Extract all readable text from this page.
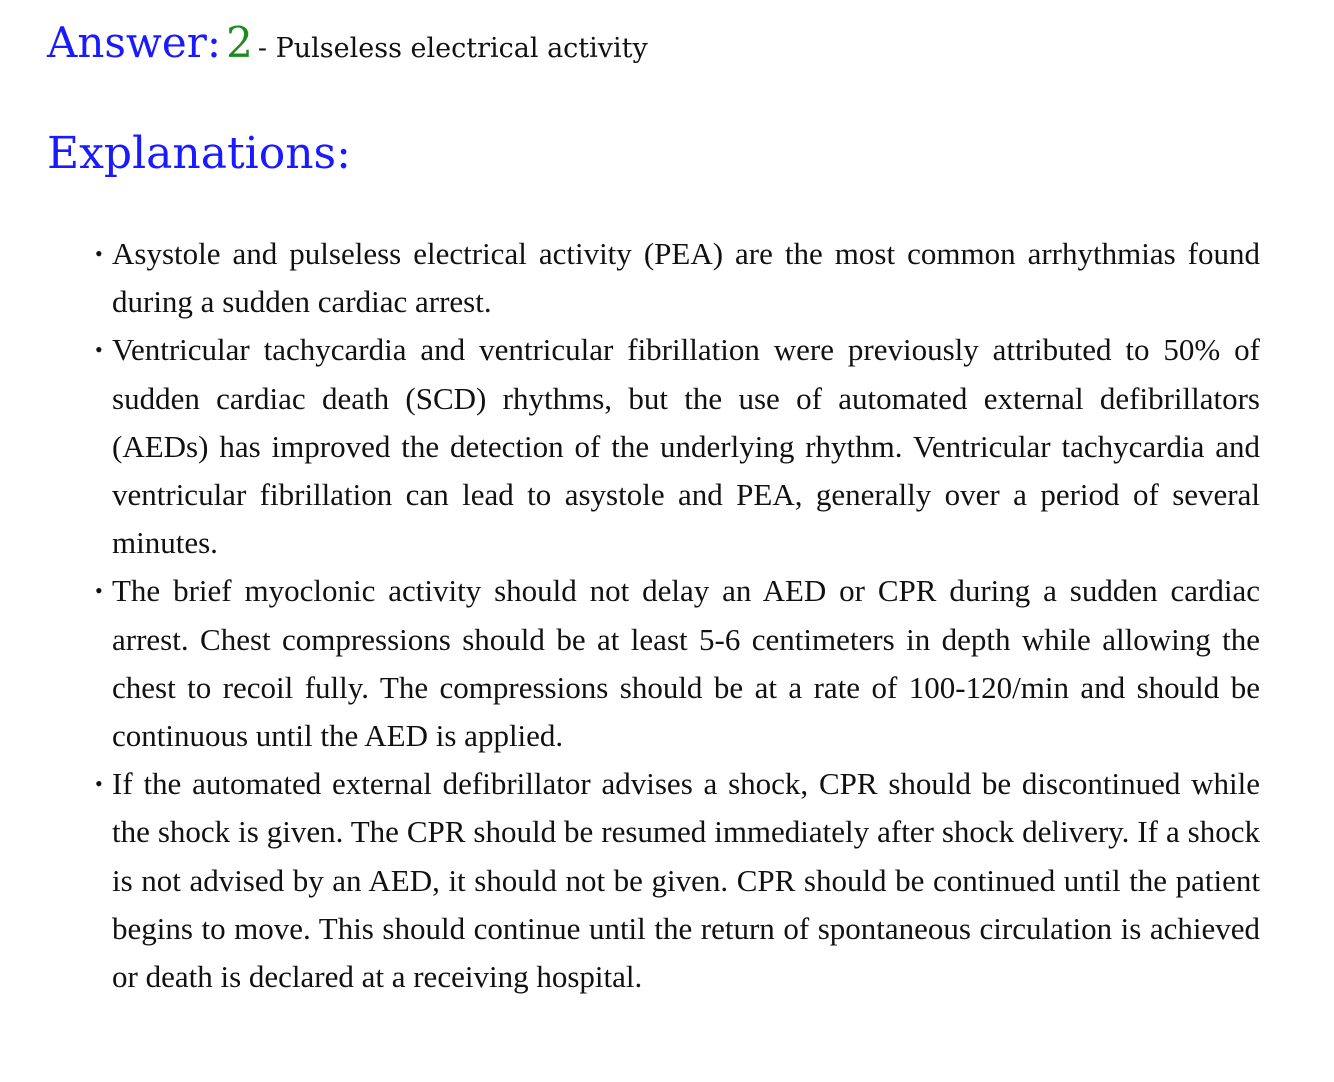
Answer: 2 - Pulseless electrical activity
Explanations:
• Asystole and pulseless electrical activity (PEA) are the most common arrhythmias found during a sudden cardiac arrest.
• Ventricular tachycardia and ventricular fibrillation were previously attributed to 50% of sudden cardiac death (SCD) rhythms, but the use of automated external defibrillators (AEDs) has improved the detection of the underlying rhythm. Ventricular tachycardia and ventricular fibrillation can lead to asystole and PEA, generally over a period of several minutes.
• The brief myoclonic activity should not delay an AED or CPR during a sudden cardiac arrest. Chest compressions should be at least 5-6 centimeters in depth while allowing the chest to recoil fully. The compressions should be at a rate of 100-120/min and should be continuous until the AED is applied.
• If the automated external defibrillator advises a shock, CPR should be discontinued while the shock is given. The CPR should be resumed immediately after shock delivery. If a shock is not advised by an AED, it should not be given. CPR should be continued until the patient begins to move. This should continue until the return of spontaneous circulation is achieved or death is declared at a receiving hospital.
